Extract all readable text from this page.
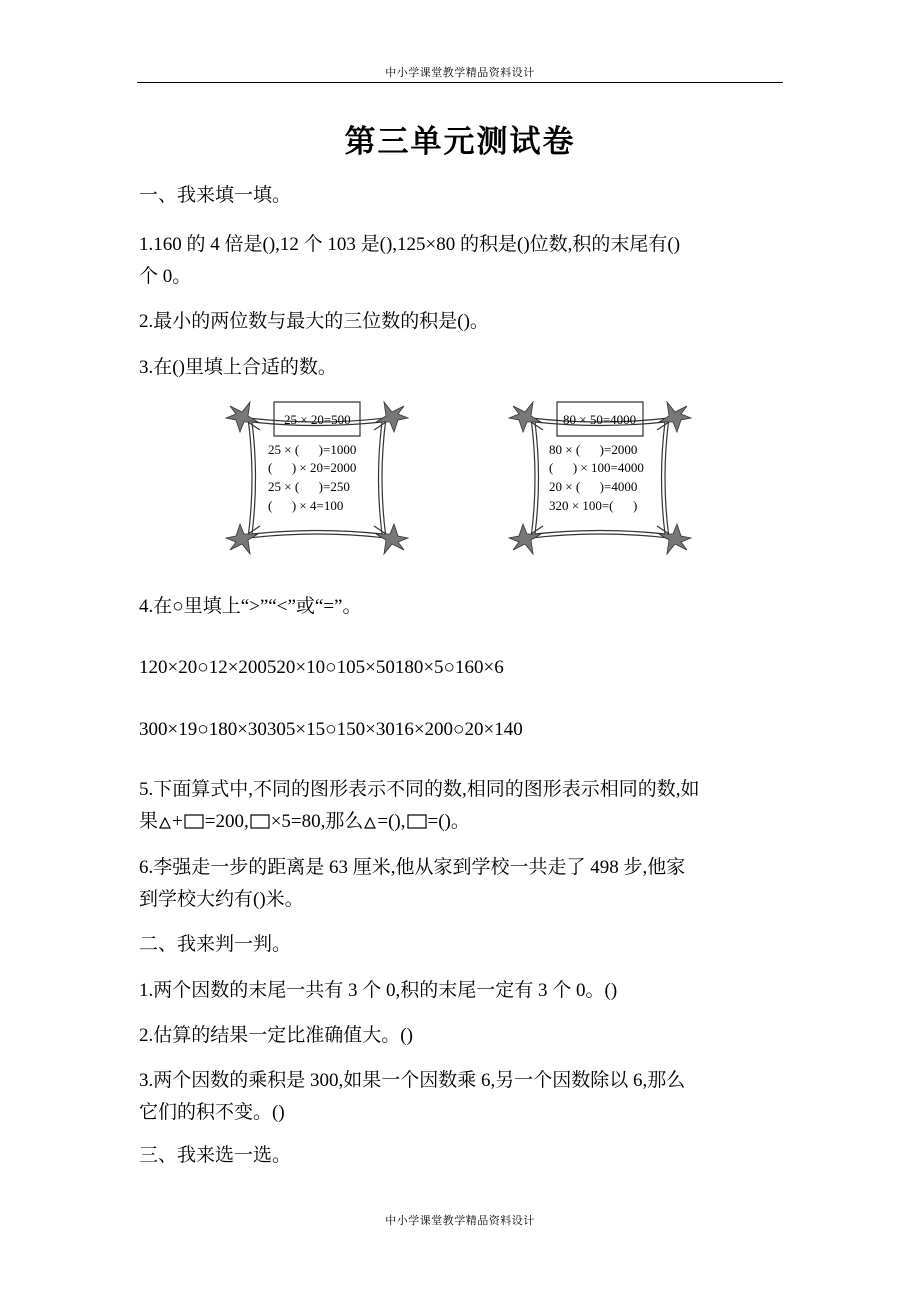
中小学课堂教学精品资料设计
第三单元测试卷
一、我来填一填。
1.160 的 4 倍是(),12 个 103 是(),125×80 的积是()位数,积的末尾有()
个 0。
2.最小的两位数与最大的三位数的积是()。
3.在()里填上合适的数。
25 × 20=500
25 × (      )=1000
(      ) × 20=2000
25 × (      )=250
(      ) × 4=100
80 × 50=4000
80 × (      )=2000
(      ) × 100=4000
20 × (      )=4000
320 × 100=(      )
4.在○里填上“>”“<”或“=”。
120×20○12×200520×10○105×50180×5○160×6
300×19○180×30305×15○150×3016×200○20×140
5.下面算式中,不同的图形表示不同的数,相同的图形表示相同的数,如
果 + =200, ×5=80,那么 =(), =()。
6.李强走一步的距离是 63 厘米,他从家到学校一共走了 498 步,他家
到学校大约有()米。
二、我来判一判。
1.两个因数的末尾一共有 3 个 0,积的末尾一定有 3 个 0。()
2.估算的结果一定比准确值大。()
3.两个因数的乘积是 300,如果一个因数乘 6,另一个因数除以 6,那么
它们的积不变。()
三、我来选一选。
中小学课堂教学精品资料设计
